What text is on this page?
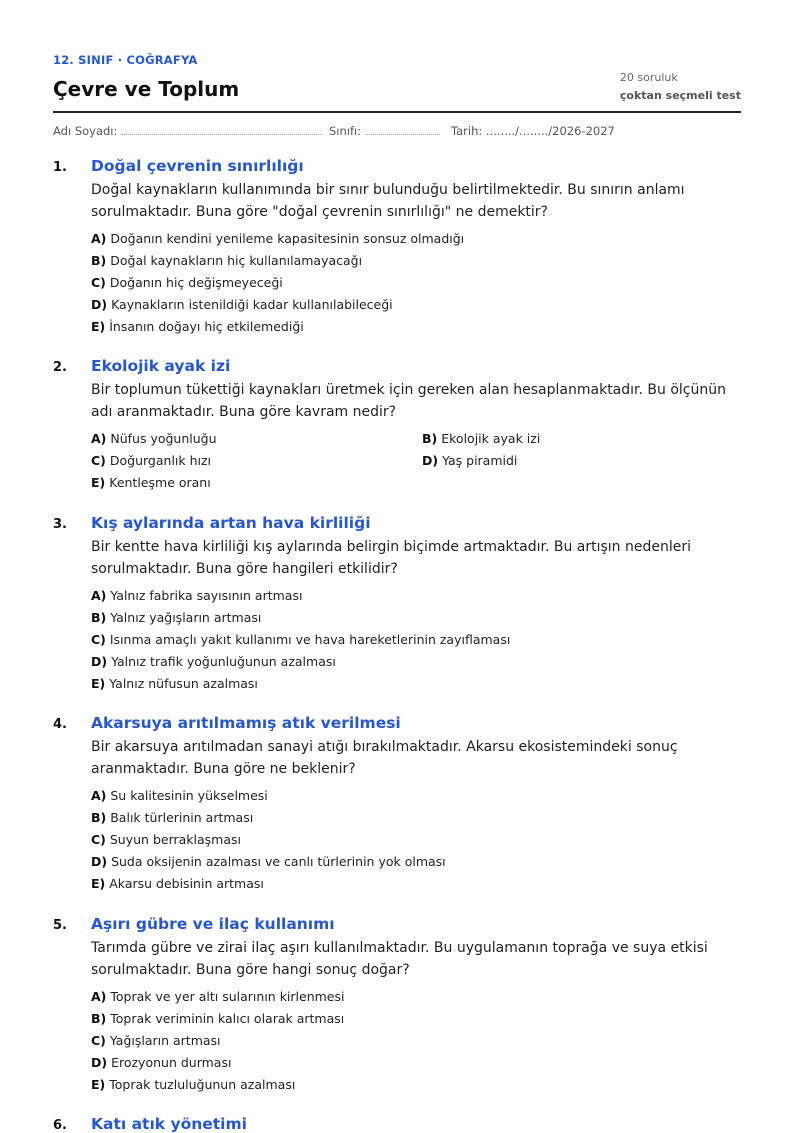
12. SINIF · COĞRAFYA
Çevre ve Toplum	20 soruluk
çoktan seçmeli test
Adı Soyadı:	Sınıfı:	Tarih: ......../......../2026-2027
1. Doğal çevrenin sınırlılığı
Doğal kaynakların kullanımında bir sınır bulunduğu belirtilmektedir. Bu sınırın anlamı sorulmaktadır. Buna göre "doğal çevrenin sınırlılığı" ne demektir?
A) Doğanın kendini yenileme kapasitesinin sonsuz olmadığı
B) Doğal kaynakların hiç kullanılamayacağı
C) Doğanın hiç değişmeyeceği
D) Kaynakların istenildiği kadar kullanılabileceği
E) İnsanın doğayı hiç etkilemediği
2. Ekolojik ayak izi
Bir toplumun tükettiği kaynakları üretmek için gereken alan hesaplanmaktadır. Bu ölçünün adı aranmaktadır. Buna göre kavram nedir?
A) Nüfus yoğunluğu	B) Ekolojik ayak izi
C) Doğurganlık hızı	D) Yaş piramidi
E) Kentleşme oranı
3. Kış aylarında artan hava kirliliği
Bir kentte hava kirliliği kış aylarında belirgin biçimde artmaktadır. Bu artışın nedenleri sorulmaktadır. Buna göre hangileri etkilidir?
A) Yalnız fabrika sayısının artması
B) Yalnız yağışların artması
C) Isınma amaçlı yakıt kullanımı ve hava hareketlerinin zayıflaması
D) Yalnız trafik yoğunluğunun azalması
E) Yalnız nüfusun azalması
4. Akarsuya arıtılmamış atık verilmesi
Bir akarsuya arıtılmadan sanayi atığı bırakılmaktadır. Akarsu ekosistemindeki sonuç aranmaktadır. Buna göre ne beklenir?
A) Su kalitesinin yükselmesi
B) Balık türlerinin artması
C) Suyun berraklaşması
D) Suda oksijenin azalması ve canlı türlerinin yok olması
E) Akarsu debisinin artması
5. Aşırı gübre ve ilaç kullanımı
Tarımda gübre ve zirai ilaç aşırı kullanılmaktadır. Bu uygulamanın toprağa ve suya etkisi sorulmaktadır. Buna göre hangi sonuç doğar?
A) Toprak ve yer altı sularının kirlenmesi
B) Toprak veriminin kalıcı olarak artması
C) Yağışların artması
D) Erozyonun durması
E) Toprak tuzluluğunun azalması
6. Katı atık yönetimi
